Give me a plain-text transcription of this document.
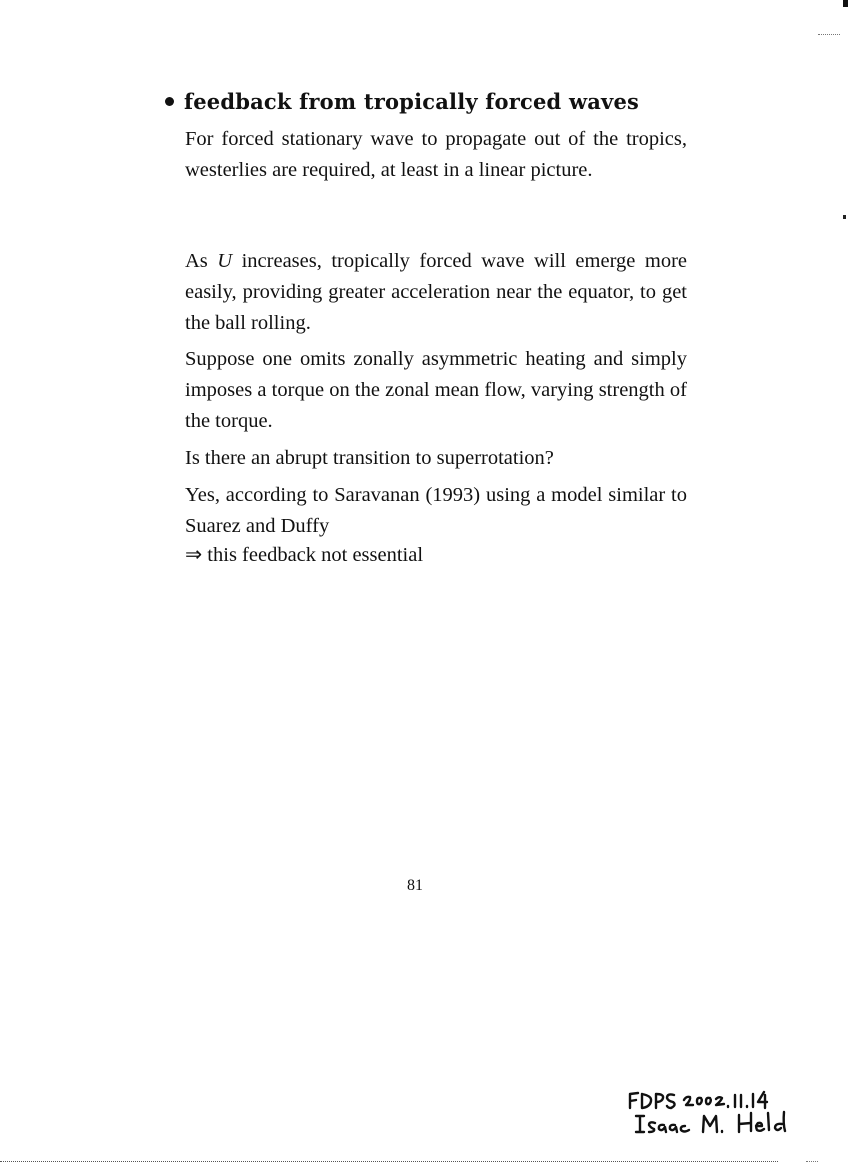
feedback from tropically forced waves
For forced stationary wave to propagate out of the tropics, westerlies are required, at least in a linear picture.
As U increases, tropically forced wave will emerge more easily, providing greater acceleration near the equator, to get the ball rolling.
Suppose one omits zonally asymmetric heating and simply imposes a torque on the zonal mean flow, varying strength of the torque.
Is there an abrupt transition to superrotation?
Yes, according to Saravanan (1993) using a model similar to Suarez and Duffy
⇒ this feedback not essential
81
